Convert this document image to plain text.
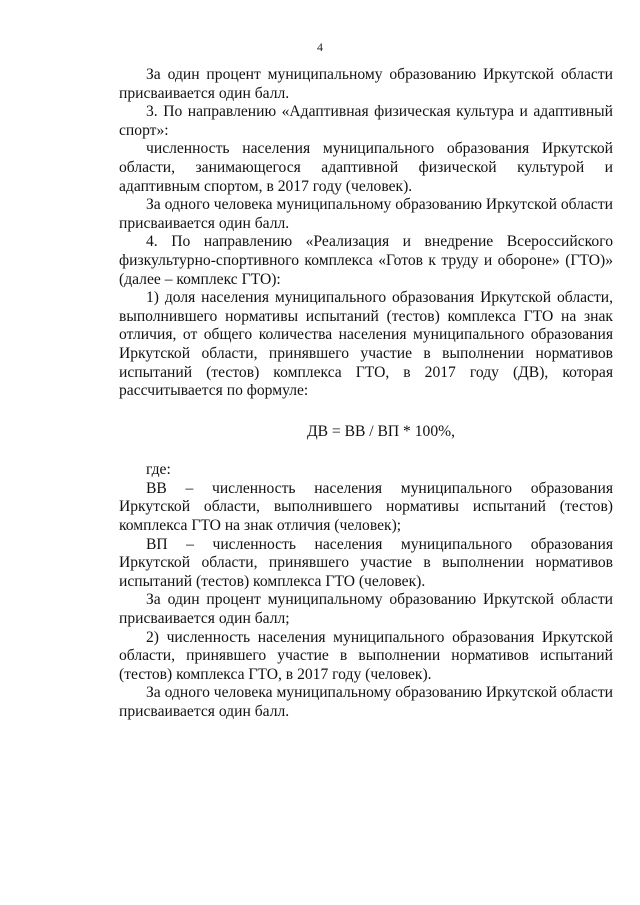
4

За один процент муниципальному образованию Иркутской области присваивается один балл.

3. По направлению «Адаптивная физическая культура и адаптивный спорт»:

численность населения муниципального образования Иркутской области, занимающегося адаптивной физической культурой и адаптивным спортом, в 2017 году (человек).

За одного человека муниципальному образованию Иркутской области присваивается один балл.

4. По направлению «Реализация и внедрение Всероссийского физкультурно-спортивного комплекса «Готов к труду и обороне» (ГТО)» (далее – комплекс ГТО):

1) доля населения муниципального образования Иркутской области, выполнившего нормативы испытаний (тестов) комплекса ГТО на знак отличия, от общего количества населения муниципального образования Иркутской области, принявшего участие в выполнении нормативов испытаний (тестов) комплекса ГТО, в 2017 году (ДВ), которая рассчитывается по формуле:

ДВ = ВВ / ВП * 100%,

где:

ВВ – численность населения муниципального образования Иркутской области, выполнившего нормативы испытаний (тестов) комплекса ГТО на знак отличия (человек);

ВП – численность населения муниципального образования Иркутской области, принявшего участие в выполнении нормативов испытаний (тестов) комплекса ГТО (человек).

За один процент муниципальному образованию Иркутской области присваивается один балл;

2) численность населения муниципального образования Иркутской области, принявшего участие в выполнении нормативов испытаний (тестов) комплекса ГТО, в 2017 году (человек).

За одного человека муниципальному образованию Иркутской области присваивается один балл.
